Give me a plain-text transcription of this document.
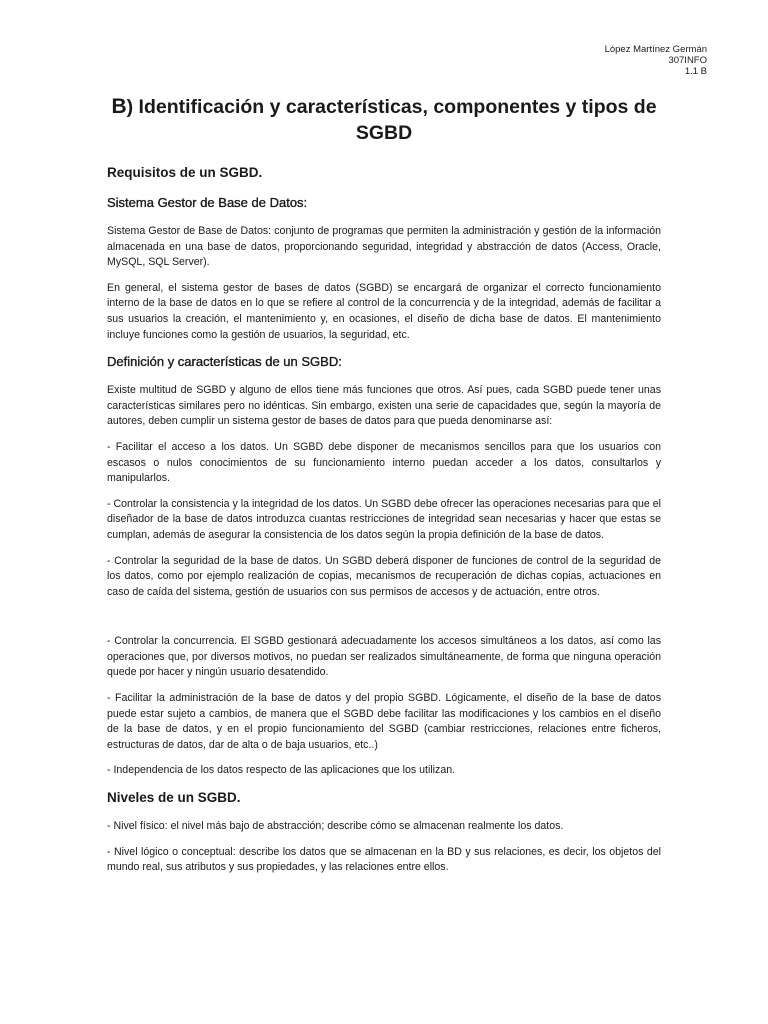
López Martínez Germán
307INFO
1.1 B
B) Identificación y características, componentes y tipos de SGBD
Requisitos de un SGBD.
Sistema Gestor de Base de Datos:

Sistema Gestor de Base de Datos: conjunto de programas que permiten la administración y gestión de la información almacenada en una base de datos, proporcionando seguridad, integridad y abstracción de datos (Access, Oracle, MySQL, SQL Server).

En general, el sistema gestor de bases de datos (SGBD) se encargará de organizar el correcto funcionamiento interno de la base de datos en lo que se refiere al control de la concurrencia y de la integridad, además de facilitar a sus usuarios la creación, el mantenimiento y, en ocasiones, el diseño de dicha base de datos. El mantenimiento incluye funciones como la gestión de usuarios, la seguridad, etc.

Definición y características de un SGBD:

Existe multitud de SGBD y alguno de ellos tiene más funciones que otros. Así pues, cada SGBD puede tener unas características similares pero no idénticas. Sin embargo, existen una serie de capacidades que, según la mayoría de autores, deben cumplir un sistema gestor de bases de datos para que pueda denominarse así:

- Facilitar el acceso a los datos. Un SGBD debe disponer de mecanismos sencillos para que los usuarios con escasos o nulos conocimientos de su funcionamiento interno puedan acceder a los datos, consultarlos y manipularlos.

- Controlar la consistencia y la integridad de los datos. Un SGBD debe ofrecer las operaciones necesarias para que el diseñador de la base de datos introduzca cuantas restricciones de integridad sean necesarias y hacer que estas se cumplan, además de asegurar la consistencia de los datos según la propia definición de la base de datos.

- Controlar la seguridad de la base de datos. Un SGBD deberá disponer de funciones de control de la seguridad de los datos, como por ejemplo realización de copias, mecanismos de recuperación de dichas copias, actuaciones en caso de caída del sistema, gestión de usuarios con sus permisos de accesos y de actuación, entre otros.

- Controlar la concurrencia. El SGBD gestionará adecuadamente los accesos simultáneos a los datos, así como las operaciones que, por diversos motivos, no puedan ser realizados simultáneamente, de forma que ninguna operación quede por hacer y ningún usuario desatendido.

- Facilitar la administración de la base de datos y del propio SGBD. Lógicamente, el diseño de la base de datos puede estar sujeto a cambios, de manera que el SGBD debe facilitar las modificaciones y los cambios en el diseño de la base de datos, y en el propio funcionamiento del SGBD (cambiar restricciones, relaciones entre ficheros, estructuras de datos, dar de alta o de baja usuarios, etc..)

- Independencia de los datos respecto de las aplicaciones que los utilizan.

Niveles de un SGBD.

- Nivel físico: el nivel más bajo de abstracción; describe cómo se almacenan realmente los datos.

- Nivel lógico o conceptual: describe los datos que se almacenan en la BD y sus relaciones, es decir, los objetos del mundo real, sus atributos y sus propiedades, y las relaciones entre ellos.
